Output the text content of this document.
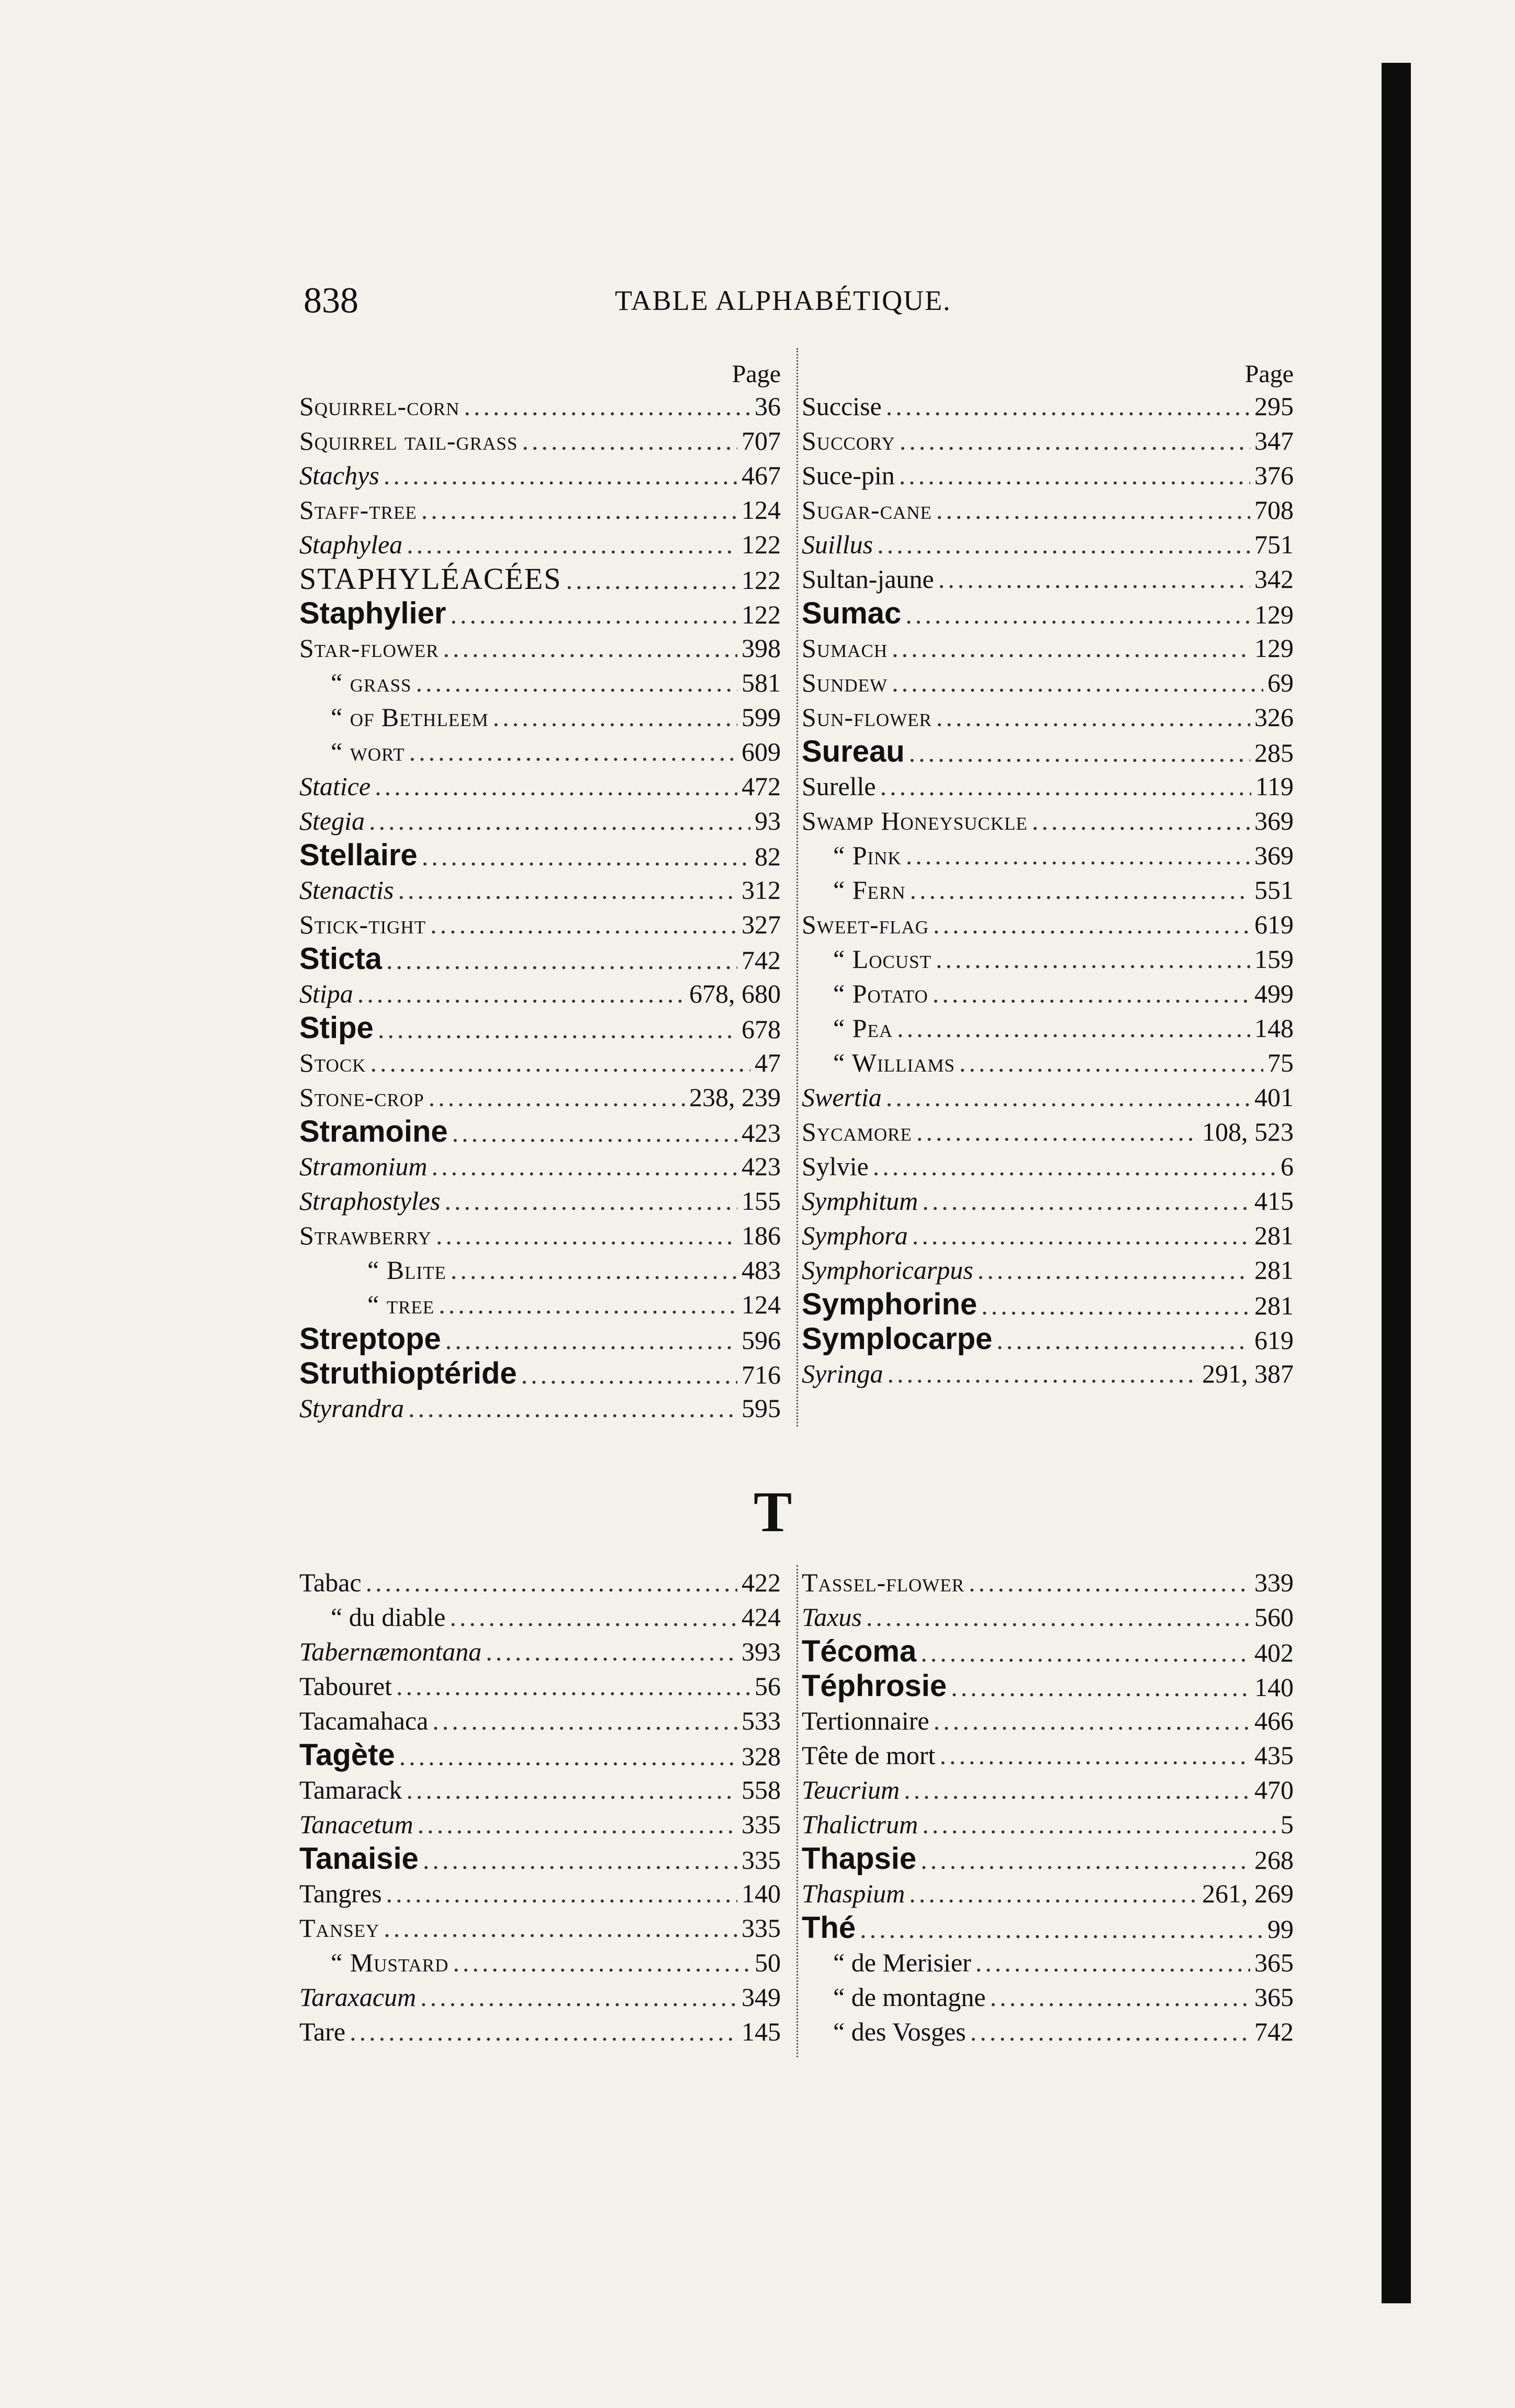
838	TABLE ALPHABÉTIQUE.
Page
Squirrel-corn .....	36
Squirrel tail-grass .....	707
Stachys .....	467
Staff-tree .....	124
Staphylea .....	122
STAPHYLÉACÉES .....	122
Staphylier .....	122
Star-flower .....	398
“ grass .....	581
“ of Bethleem .....	599
“ wort .....	609
Statice .....	472
Stegia .....	93
Stellaire .....	82
Stenactis .....	312
Stick-tight .....	327
Sticta .....	742
Stipa .....	678, 680
Stipe .....	678
Stock .....	47
Stone-crop .....	238, 239
Stramoine .....	423
Stramonium .....	423
Straphostyles .....	155
Strawberry .....	186
“ Blite .....	483
“ tree .....	124
Streptope .....	596
Struthioptéride .....	716
Styrandra .....	595
Page
Succise .....	295
Succory .....	347
Suce-pin .....	376
Sugar-cane .....	708
Suillus .....	751
Sultan-jaune .....	342
Sumac .....	129
Sumach .....	129
Sundew .....	69
Sun-flower .....	326
Sureau .....	285
Surelle .....	119
Swamp Honeysuckle .....	369
“ Pink .....	369
“ Fern .....	551
Sweet-flag .....	619
“ Locust .....	159
“ Potato .....	499
“ Pea .....	148
“ Williams .....	75
Swertia .....	401
Sycamore .....	108, 523
Sylvie .....	6
Symphitum .....	415
Symphora .....	281
Symphoricarpus .....	281
Symphorine .....	281
Symplocarpe .....	619
Syringa .....	291, 387
T
Tabac .....	422
“ du diable .....	424
Tabernæmontana .....	393
Tabouret .....	56
Tacamahaca .....	533
Tagète .....	328
Tamarack .....	558
Tanacetum .....	335
Tanaisie .....	335
Tangres .....	140
Tansey .....	335
“ Mustard .....	50
Taraxacum .....	349
Tare .....	145
Tassel-flower .....	339
Taxus .....	560
Técoma .....	402
Téphrosie .....	140
Tertionnaire .....	466
Tête de mort .....	435
Teucrium .....	470
Thalictrum .....	5
Thapsie .....	268
Thaspium .....	261, 269
Thé .....	99
“ de Merisier .....	365
“ de montagne .....	365
“ des Vosges .....	742
